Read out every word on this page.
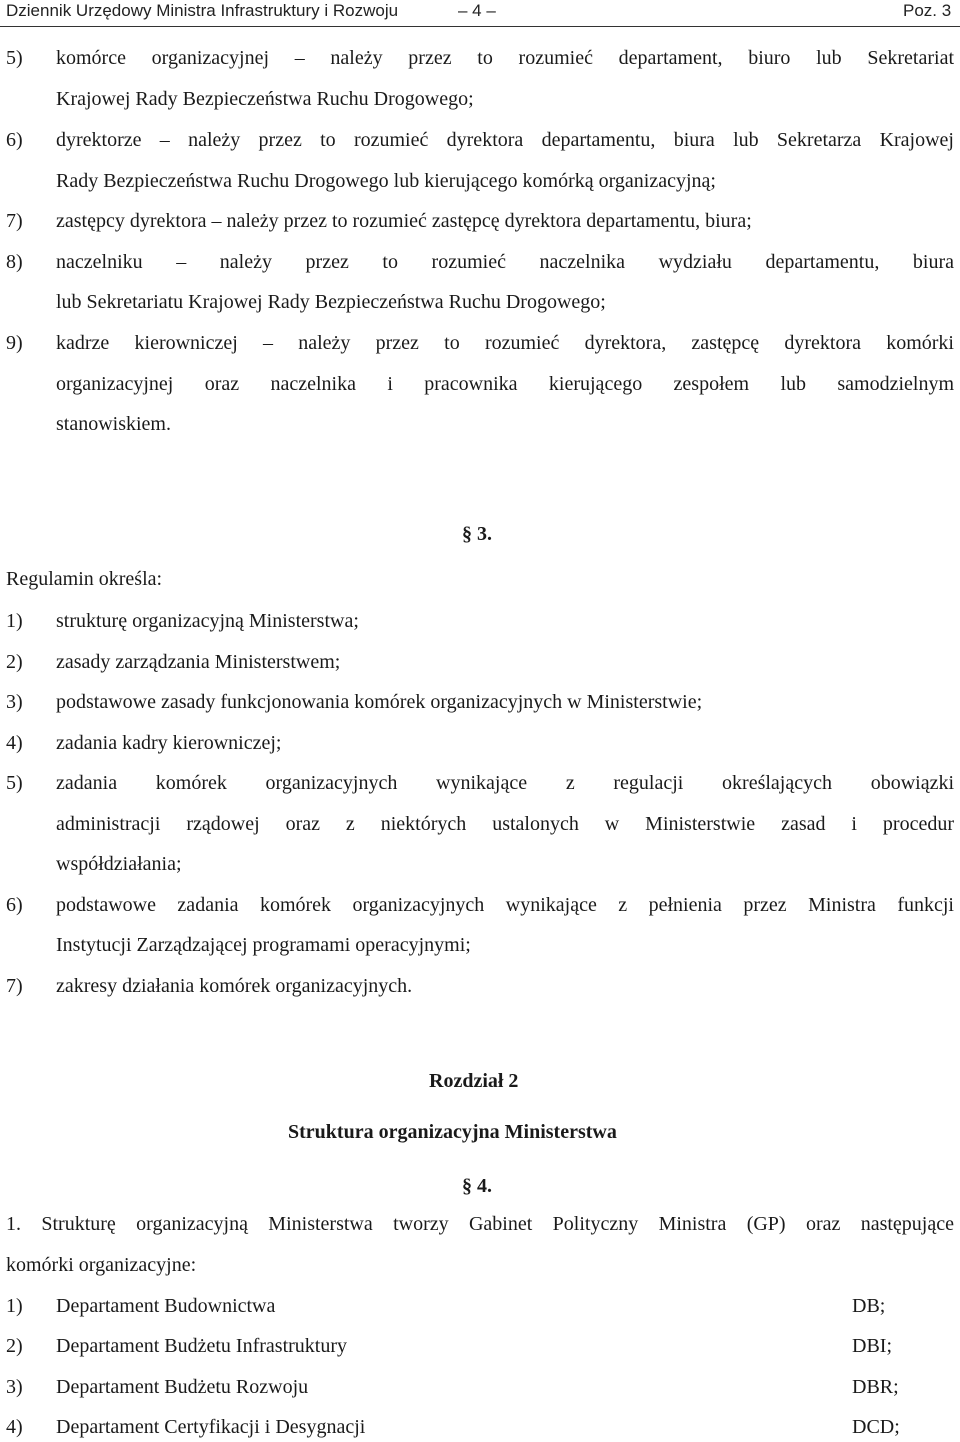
Dziennik Urzędowy Ministra Infrastruktury i Rozwoju	– 4 –	Poz. 3
5) komórce organizacyjnej – należy przez to rozumieć departament, biuro lub Sekretariat
Krajowej Rady Bezpieczeństwa Ruchu Drogowego;
6) dyrektorze – należy przez to rozumieć dyrektora departamentu, biura lub Sekretarza Krajowej
Rady Bezpieczeństwa Ruchu Drogowego lub kierującego komórką organizacyjną;
7) zastępcy dyrektora – należy przez to rozumieć zastępcę dyrektora departamentu, biura;
8) naczelniku – należy przez to rozumieć naczelnika wydziału departamentu, biura
lub Sekretariatu Krajowej Rady Bezpieczeństwa Ruchu Drogowego;
9) kadrze kierowniczej – należy przez to rozumieć dyrektora, zastępcę dyrektora komórki
organizacyjnej oraz naczelnika i pracownika kierującego zespołem lub samodzielnym
stanowiskiem.
§ 3.
Regulamin określa:
1) strukturę organizacyjną Ministerstwa;
2) zasady zarządzania Ministerstwem;
3) podstawowe zasady funkcjonowania komórek organizacyjnych w Ministerstwie;
4) zadania kadry kierowniczej;
5) zadania komórek organizacyjnych wynikające z regulacji określających obowiązki
administracji rządowej oraz z niektórych ustalonych w Ministerstwie zasad i procedur
współdziałania;
6) podstawowe zadania komórek organizacyjnych wynikające z pełnienia przez Ministra funkcji
Instytucji Zarządzającej programami operacyjnymi;
7) zakresy działania komórek organizacyjnych.
Rozdział 2
Struktura organizacyjna Ministerstwa
§ 4.
1. Strukturę organizacyjną Ministerstwa tworzy Gabinet Polityczny Ministra (GP) oraz następujące
komórki organizacyjne:
1) Departament Budownictwa	DB;
2) Departament Budżetu Infrastruktury	DBI;
3) Departament Budżetu Rozwoju	DBR;
4) Departament Certyfikacji i Desygnacji	DCD;
